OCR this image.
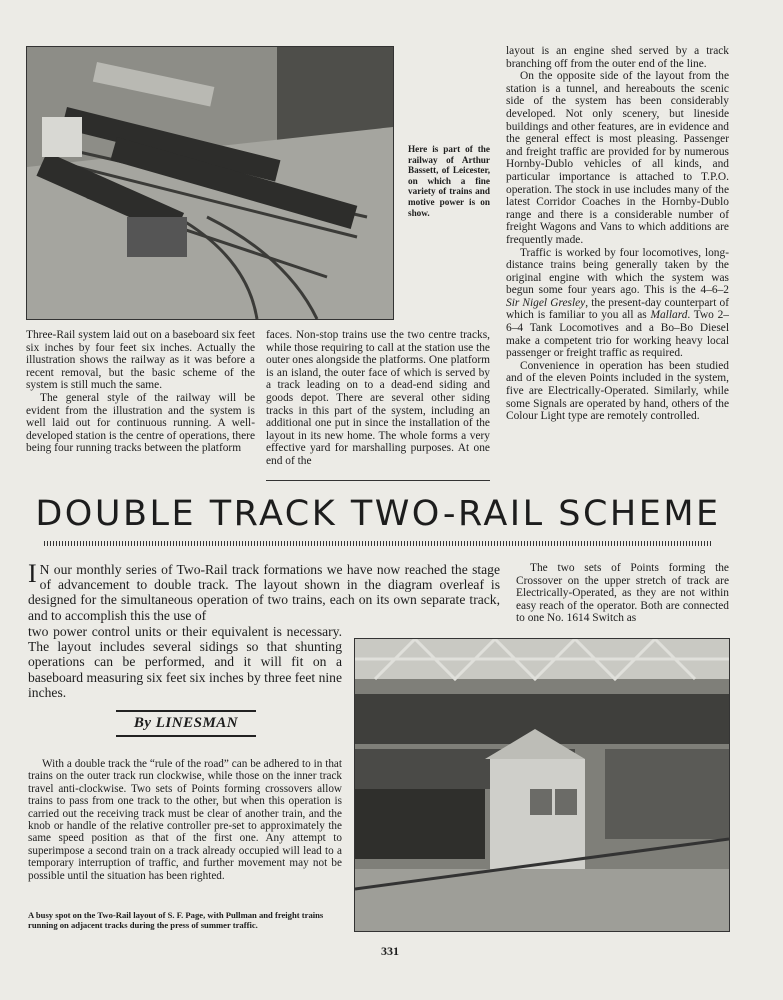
Here is part of the railway of Arthur Bassett, of Leicester, on which a fine variety of trains and motive power is on show.

Three-Rail system laid out on a baseboard six feet six inches by four feet six inches. Actually the illustration shows the railway as it was before a recent removal, but the basic scheme of the system is still much the same.

The general style of the railway will be evident from the illustration and the system is well laid out for continuous running. A well-developed station is the centre of operations, there being four running tracks between the platform

faces. Non-stop trains use the two centre tracks, while those requiring to call at the station use the outer ones alongside the platforms. One platform is an island, the outer face of which is served by a track leading on to a dead-end siding and goods depot. There are several other siding tracks in this part of the system, including an additional one put in since the installation of the layout in its new home. The whole forms a very effective yard for marshalling purposes. At one end of the

layout is an engine shed served by a track branching off from the outer end of the line.

On the opposite side of the layout from the station is a tunnel, and hereabouts the scenic side of the system has been considerably developed. Not only scenery, but lineside buildings and other features, are in evidence and the general effect is most pleasing. Passenger and freight traffic are provided for by numerous Hornby-Dublo vehicles of all kinds, and particular importance is attached to T.P.O. operation. The stock in use includes many of the latest Corridor Coaches in the Hornby-Dublo range and there is a considerable number of freight Wagons and Vans to which additions are frequently made.

Traffic is worked by four locomotives, long-distance trains being generally taken by the original engine with which the system was begun some four years ago. This is the 4–6–2 Sir Nigel Gresley, the present-day counterpart of which is familiar to you all as Mallard. Two 2–6–4 Tank Locomotives and a Bo–Bo Diesel make a competent trio for working heavy local passenger or freight traffic as required.

Convenience in operation has been studied and of the eleven Points included in the system, five are Electrically-Operated. Similarly, while some Signals are operated by hand, others of the Colour Light type are remotely controlled.

DOUBLE TRACK TWO-RAIL SCHEME
I N our monthly series of Two-Rail track formations we have now reached the stage of advancement to double track. The layout shown in the diagram overleaf is designed for the simultaneous operation of two trains, each on its own separate track, and to accomplish this the use of
two power control units or their equivalent is necessary. The layout includes several sidings so that shunting operations can be performed, and it will fit on a baseboard measuring six feet six inches by three feet nine inches.

The two sets of Points forming the Crossover on the upper stretch of track are Electrically-Operated, as they are not within easy reach of the operator. Both are connected to one No. 1614 Switch as

By LINESMAN

With a double track the “rule of the road” can be adhered to in that trains on the outer track run clockwise, while those on the inner track travel anti-clockwise. Two sets of Points forming crossovers allow trains to pass from one track to the other, but when this operation is carried out the receiving track must be clear of another train, and the knob or handle of the relative controller pre-set to approximately the same speed position as that of the first one. Any attempt to superimpose a second train on a track already occupied will lead to a temporary interruption of traffic, and further movement may not be possible until the situation has been righted.

A busy spot on the Two-Rail layout of S. F. Page, with Pullman and freight trains running on adjacent tracks during the press of summer traffic.
331
